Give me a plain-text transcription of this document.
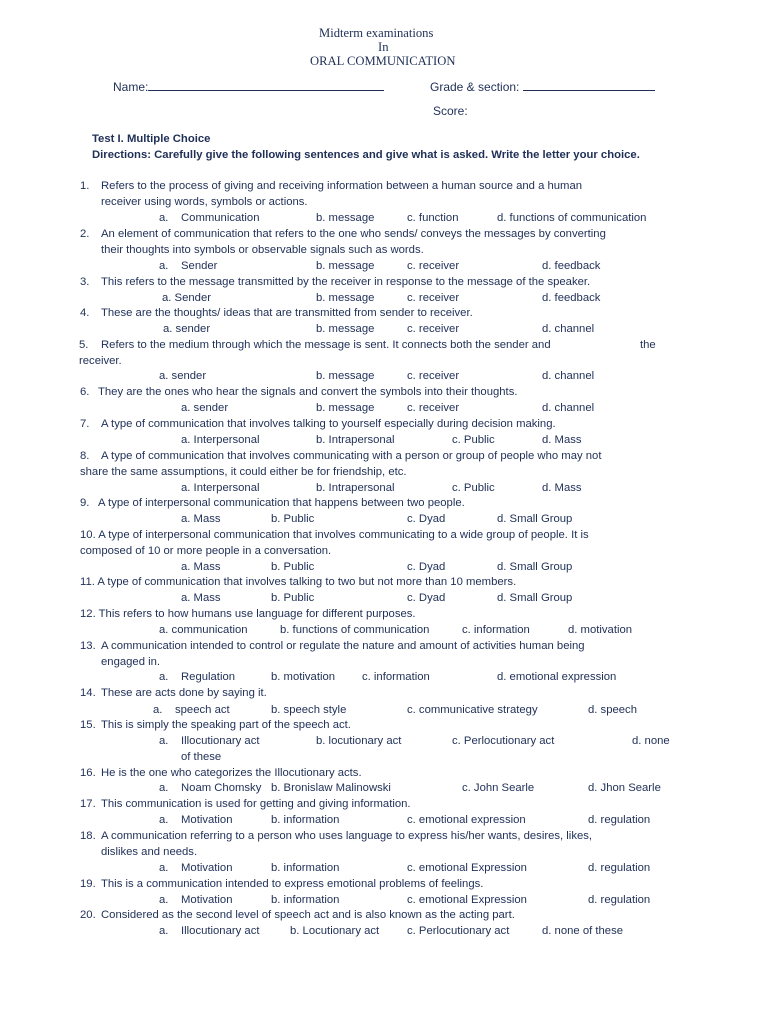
Midterm examinations
In
ORAL COMMUNICATION
Name:	Grade & section:
Score:
Test I. Multiple Choice
Directions: Carefully give the following sentences and give what is asked. Write the letter your choice.
1. Refers to the process of giving and receiving information between a human source and a human
receiver using words, symbols or actions.
a. Communication	b. message	c. function	d. functions of communication
2. An element of communication that refers to the one who sends/ conveys the messages by converting
their thoughts into symbols or observable signals such as words.
a. Sender	b. message	c. receiver	d. feedback
3. This refers to the message transmitted by the receiver in response to the message of the speaker.
a. Sender	b. message	c. receiver	d. feedback
4. These are the thoughts/ ideas that are transmitted from sender to receiver.
a. sender	b. message	c. receiver	d. channel
5. Refers to the medium through which the message is sent. It connects both the sender and
receiver.
the
a. sender	b. message	c. receiver	d. channel
6. They are the ones who hear the signals and convert the symbols into their thoughts.
a. sender	b. message	c. receiver	d. channel
7. A type of communication that involves talking to yourself especially during decision making.
a. Interpersonal	b. Intrapersonal	c. Public	d. Mass
8. A type of communication that involves communicating with a person or group of people who may not
share the same assumptions, it could either be for friendship, etc.
a. Interpersonal	b. Intrapersonal	c. Public	d. Mass
9. A type of interpersonal communication that happens between two people.
a. Mass	b. Public	c. Dyad	d. Small Group
10. A type of interpersonal communication that involves communicating to a wide group of people. It is
composed of 10 or more people in a conversation.
a. Mass	b. Public	c. Dyad	d. Small Group
11. A type of communication that involves talking to two but not more than 10 members.
a. Mass	b. Public	c. Dyad	d. Small Group
12. This refers to how humans use language for different purposes.
a. communication	b. functions of communication	c. information	d. motivation
13. A communication intended to control or regulate the nature and amount of activities human being
engaged in.
a. Regulation	b. motivation c. information	d. emotional expression
14. These are acts done by saying it.
a. speech act	b. speech style	c. communicative strategy	d. speech
15. This is simply the speaking part of the speech act.
a. Illocutionary act	b. locutionary act	c. Perlocutionary act	d. none
of these
16. He is the one who categorizes the Illocutionary acts.
a. Noam Chomsky b. Bronislaw Malinowski	c. John Searle	d. Jhon Searle
17. This communication is used for getting and giving information.
a. Motivation	b. information	c. emotional expression	d. regulation
18. A communication referring to a person who uses language to express his/her wants, desires, likes,
dislikes and needs.
a. Motivation	b. information	c. emotional Expression	d. regulation
19. This is a communication intended to express emotional problems of feelings.
a. Motivation	b. information	c. emotional Expression	d. regulation
20. Considered as the second level of speech act and is also known as the acting part.
a. Illocutionary act	b. Locutionary act c. Perlocutionary act	d. none of these
